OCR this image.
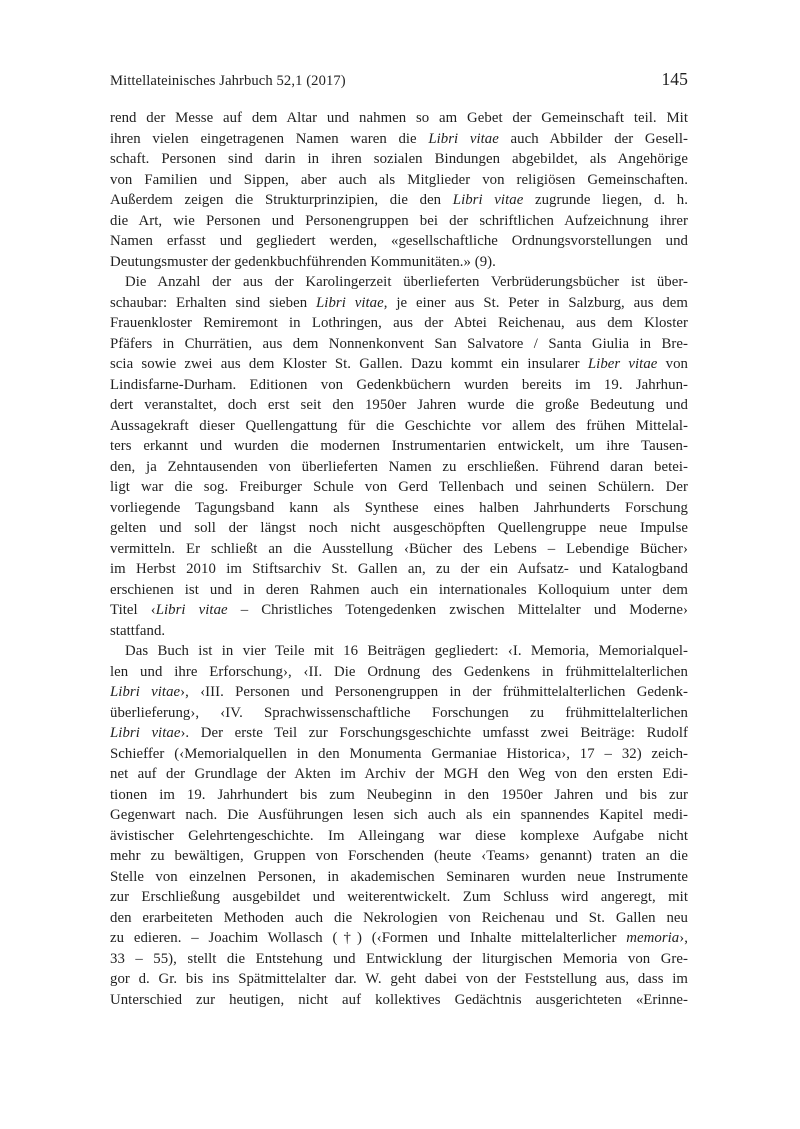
Mittellateinisches Jahrbuch 52,1 (2017)	145
rend der Messe auf dem Altar und nahmen so am Gebet der Gemeinschaft teil. Mit
ihren vielen eingetragenen Namen waren die Libri vitae auch Abbilder der Gesell-
schaft. Personen sind darin in ihren sozialen Bindungen abgebildet, als Angehörige
von Familien und Sippen, aber auch als Mitglieder von religiösen Gemeinschaften.
Außerdem zeigen die Strukturprinzipien, die den Libri vitae zugrunde liegen, d. h.
die Art, wie Personen und Personengruppen bei der schriftlichen Aufzeichnung ihrer
Namen erfasst und gegliedert werden, «gesellschaftliche Ordnungsvorstellungen und
Deutungsmuster der gedenkbuchführenden Kommunitäten.» (9).
Die Anzahl der aus der Karolingerzeit überlieferten Verbrüderungsbücher ist über-
schaubar: Erhalten sind sieben Libri vitae, je einer aus St. Peter in Salzburg, aus dem
Frauenkloster Remiremont in Lothringen, aus der Abtei Reichenau, aus dem Kloster
Pfäfers in Churrätien, aus dem Nonnenkonvent San Salvatore / Santa Giulia in Bre-
scia sowie zwei aus dem Kloster St. Gallen. Dazu kommt ein insularer Liber vitae von
Lindisfarne-Durham. Editionen von Gedenkbüchern wurden bereits im 19. Jahrhun-
dert veranstaltet, doch erst seit den 1950er Jahren wurde die große Bedeutung und
Aussagekraft dieser Quellengattung für die Geschichte vor allem des frühen Mittelal-
ters erkannt und wurden die modernen Instrumentarien entwickelt, um ihre Tausen-
den, ja Zehntausenden von überlieferten Namen zu erschließen. Führend daran betei-
ligt war die sog. Freiburger Schule von Gerd Tellenbach und seinen Schülern. Der
vorliegende Tagungsband kann als Synthese eines halben Jahrhunderts Forschung
gelten und soll der längst noch nicht ausgeschöpften Quellengruppe neue Impulse
vermitteln. Er schließt an die Ausstellung ‹Bücher des Lebens – Lebendige Bücher›
im Herbst 2010 im Stiftsarchiv St. Gallen an, zu der ein Aufsatz- und Katalogband
erschienen ist und in deren Rahmen auch ein internationales Kolloquium unter dem
Titel ‹Libri vitae – Christliches Totengedenken zwischen Mittelalter und Moderne›
stattfand.
Das Buch ist in vier Teile mit 16 Beiträgen gegliedert: ‹I. Memoria, Memorialquel-
len und ihre Erforschung›, ‹II. Die Ordnung des Gedenkens in frühmittelalterlichen
Libri vitae›, ‹III. Personen und Personengruppen in der frühmittelalterlichen Gedenk-
überlieferung›, ‹IV. Sprachwissenschaftliche Forschungen zu frühmittelalterlichen
Libri vitae›. Der erste Teil zur Forschungsgeschichte umfasst zwei Beiträge: Rudolf
Schieffer (‹Memorialquellen in den Monumenta Germaniae Historica›, 17 – 32) zeich-
net auf der Grundlage der Akten im Archiv der MGH den Weg von den ersten Edi-
tionen im 19. Jahrhundert bis zum Neubeginn in den 1950er Jahren und bis zur
Gegenwart nach. Die Ausführungen lesen sich auch als ein spannendes Kapitel medi-
ävistischer Gelehrtengeschichte. Im Alleingang war diese komplexe Aufgabe nicht
mehr zu bewältigen, Gruppen von Forschenden (heute ‹Teams› genannt) traten an die
Stelle von einzelnen Personen, in akademischen Seminaren wurden neue Instrumente
zur Erschließung ausgebildet und weiterentwickelt. Zum Schluss wird angeregt, mit
den erarbeiteten Methoden auch die Nekrologien von Reichenau und St. Gallen neu
zu edieren. – Joachim Wollasch (†) (‹Formen und Inhalte mittelalterlicher memoria›,
33 – 55), stellt die Entstehung und Entwicklung der liturgischen Memoria von Gre-
gor d. Gr. bis ins Spätmittelalter dar. W. geht dabei von der Feststellung aus, dass im
Unterschied zur heutigen, nicht auf kollektives Gedächtnis ausgerichteten «Erinne-
